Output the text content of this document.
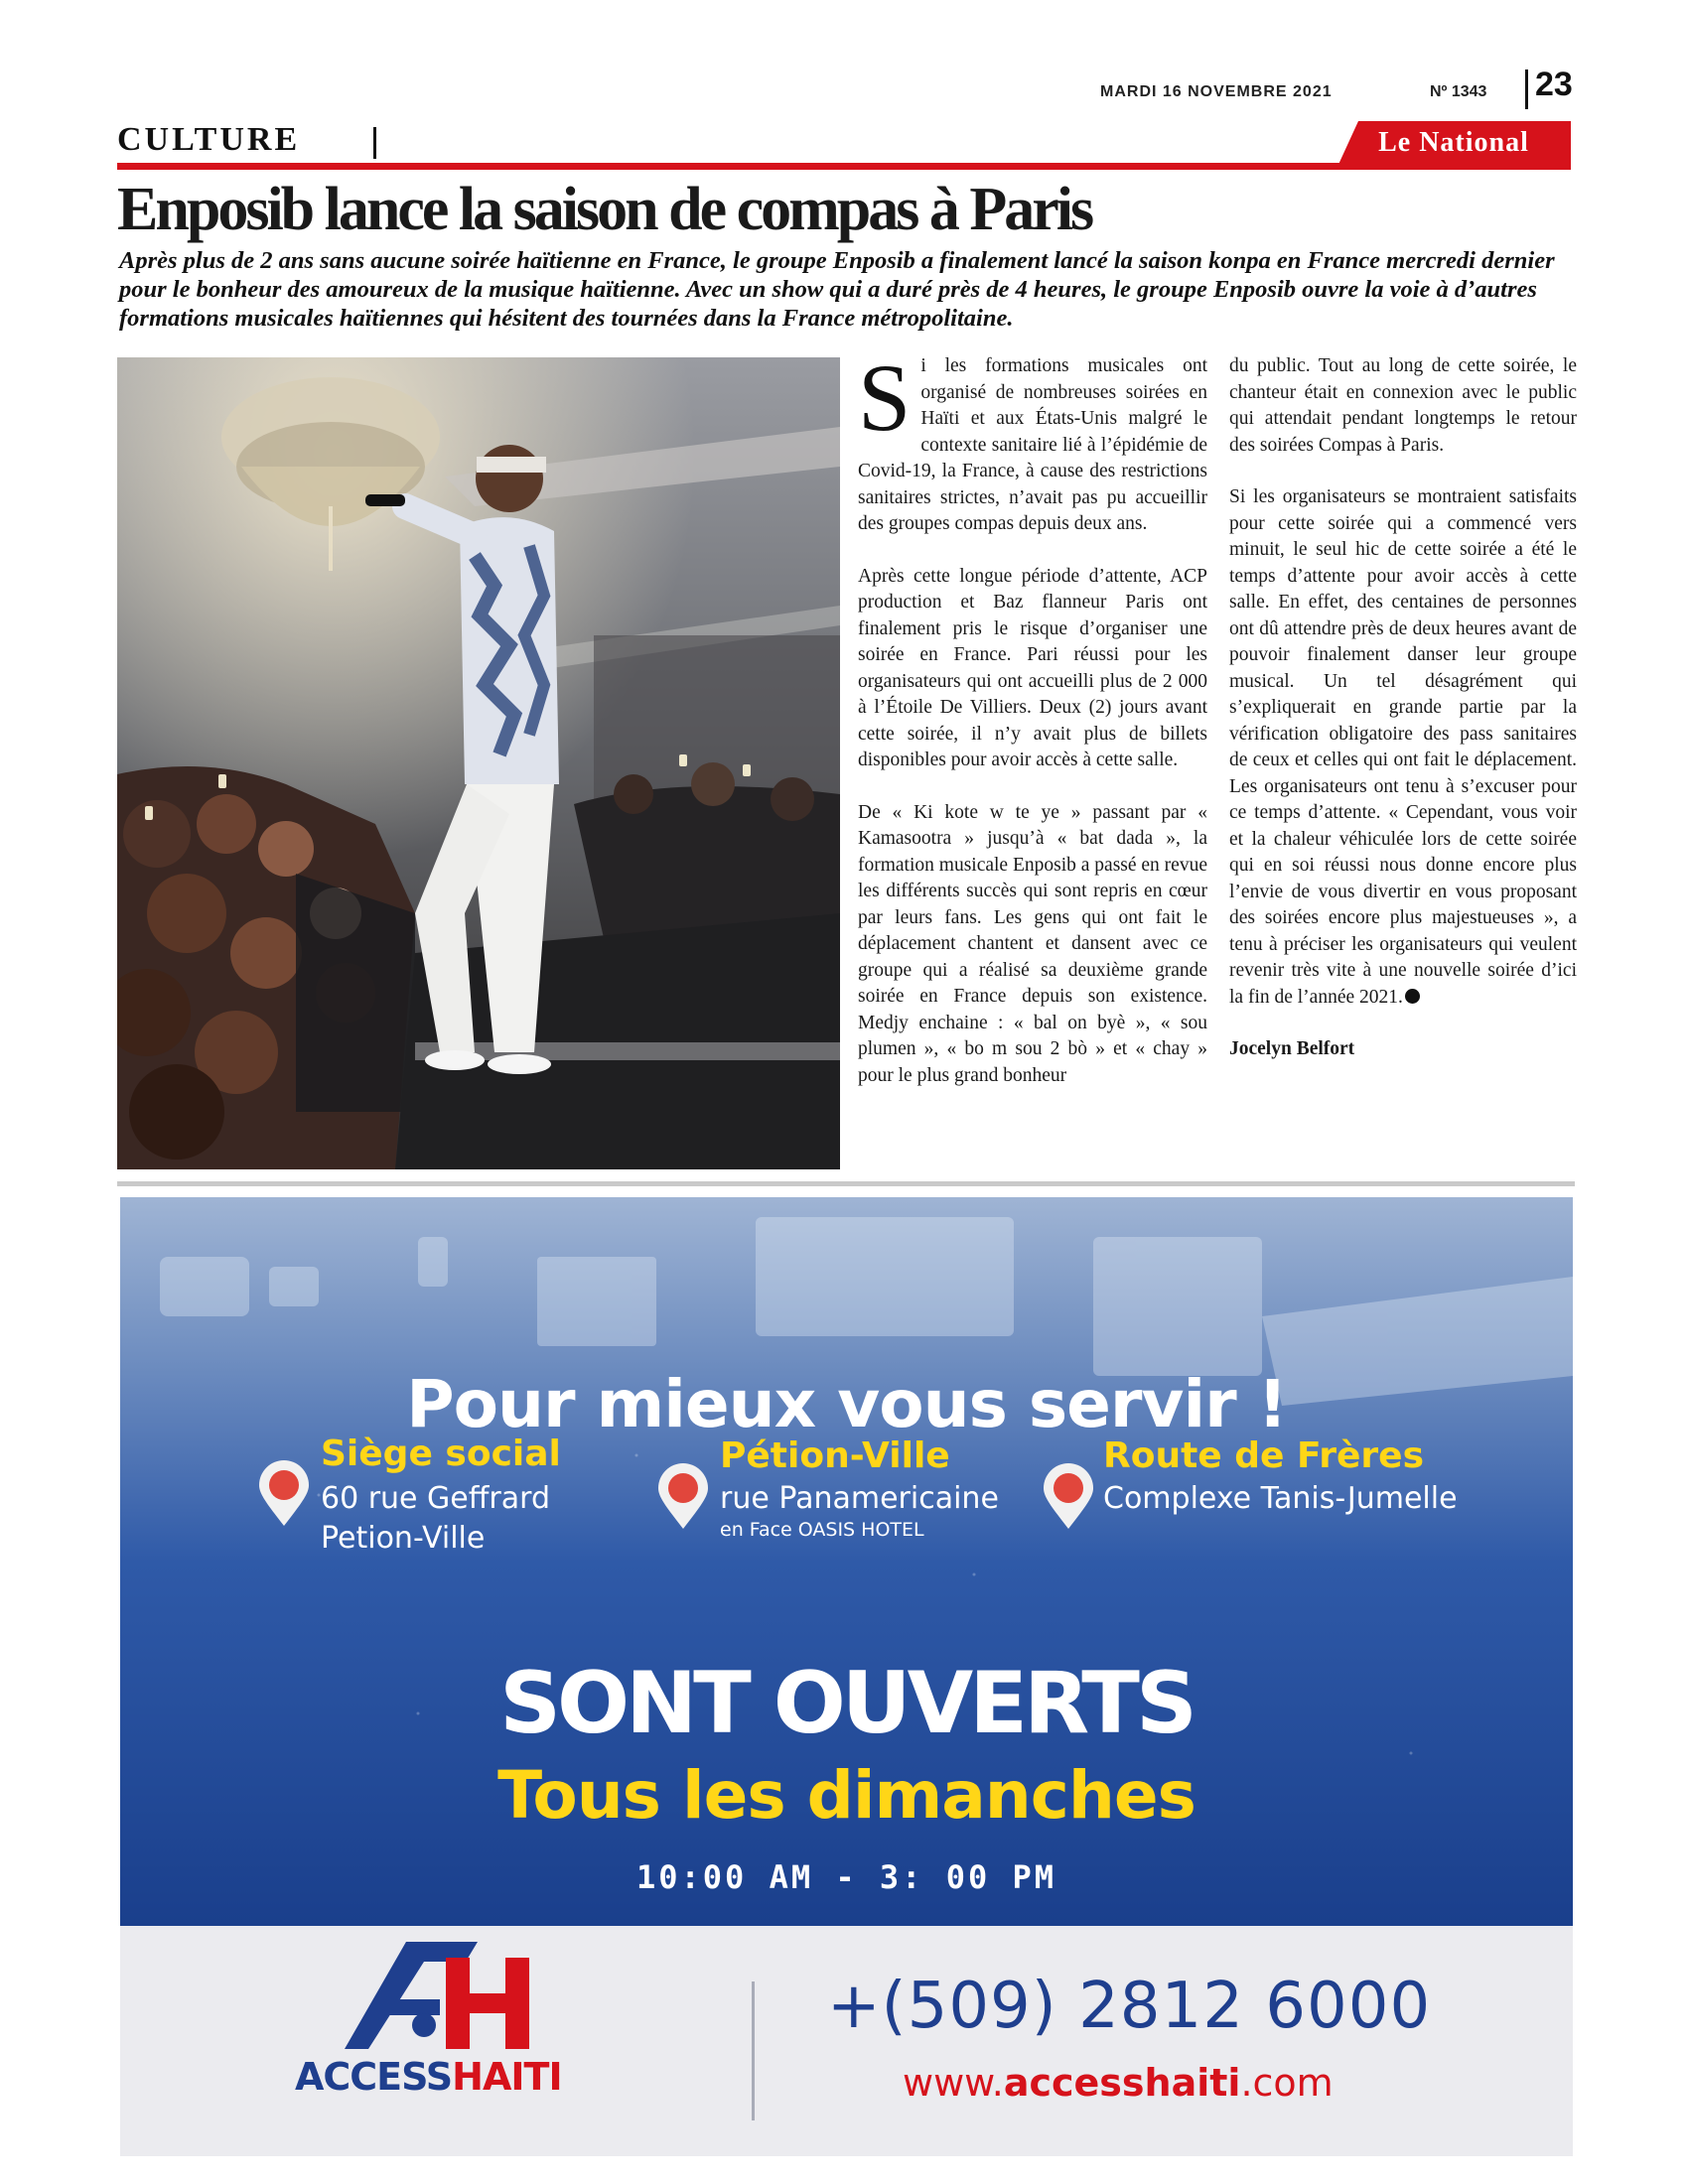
MARDI 16 NOVEMBRE 2021	Nº 1343 23
CULTURE	Le National
Enposib lance la saison de compas à Paris
Après plus de 2 ans sans aucune soirée haïtienne en France, le groupe Enposib a finalement lancé la saison konpa en France mercredi dernier pour le bonheur des amoureux de la musique haïtienne. Avec un show qui a duré près de 4 heures, le groupe Enposib ouvre la voie à d’autres formations musicales haïtiennes qui hésitent des tournées dans la France métropolitaine.

Si les formations musicales ont organisé de nombreuses soirées en Haïti et aux États-Unis malgré le contexte sanitaire lié à l’épidémie de Covid-19, la France, à cause des restrictions sanitaires strictes, n’avait pas pu accueillir des groupes compas depuis deux ans.

Après cette longue période d’attente, ACP production et Baz flanneur Paris ont finalement pris le risque d’organiser une soirée en France. Pari réussi pour les organisateurs qui ont accueilli plus de 2 000 à l’Étoile De Villiers. Deux (2) jours avant cette soirée, il n’y avait plus de billets disponibles pour avoir accès à cette salle.

De « Ki kote w te ye » passant par « Kamasootra » jusqu’à « bat dada », la formation musicale Enposib a passé en revue les différents succès qui sont repris en cœur par leurs fans. Les gens qui ont fait le déplacement chantent et dansent avec ce groupe qui a réalisé sa deuxième grande soirée en France depuis son existence. Medjy enchaine : « bal on byè », « sou plumen », « bo m sou 2 bò » et « chay » pour le plus grand bonheur

du public. Tout au long de cette soirée, le chanteur était en connexion avec le public qui attendait pendant longtemps le retour des soirées Compas à Paris.

Si les organisateurs se montraient satisfaits pour cette soirée qui a commencé vers minuit, le seul hic de cette soirée a été le temps d’attente pour avoir accès à cette salle. En effet, des centaines de personnes ont dû attendre près de deux heures avant de pouvoir finalement danser leur groupe musical. Un tel désagrément qui s’expliquerait en grande partie par la vérification obligatoire des pass sanitaires de ceux et celles qui ont fait le déplacement. Les organisateurs ont tenu à s’excuser pour ce temps d’attente. « Cependant, vous voir et la chaleur véhiculée lors de cette soirée qui en soi réussi nous donne encore plus l’envie de vous divertir en vous proposant des soirées encore plus majestueuses », a tenu à préciser les organisateurs qui veulent revenir très vite à une nouvelle soirée d’ici la fin de l’année 2021.

Jocelyn Belfort

Pour mieux vous servir !
Siège social
60 rue Geffrard
Petion-Ville
Pétion-Ville
rue Panamericaine
en Face OASIS HOTEL
Route de Frères
Complexe Tanis-Jumelle
SONT OUVERTS
Tous les dimanches
10:00 AM - 3: 00 PM
ACCESSHAITI
+(509) 2812 6000
www.accesshaiti.com
